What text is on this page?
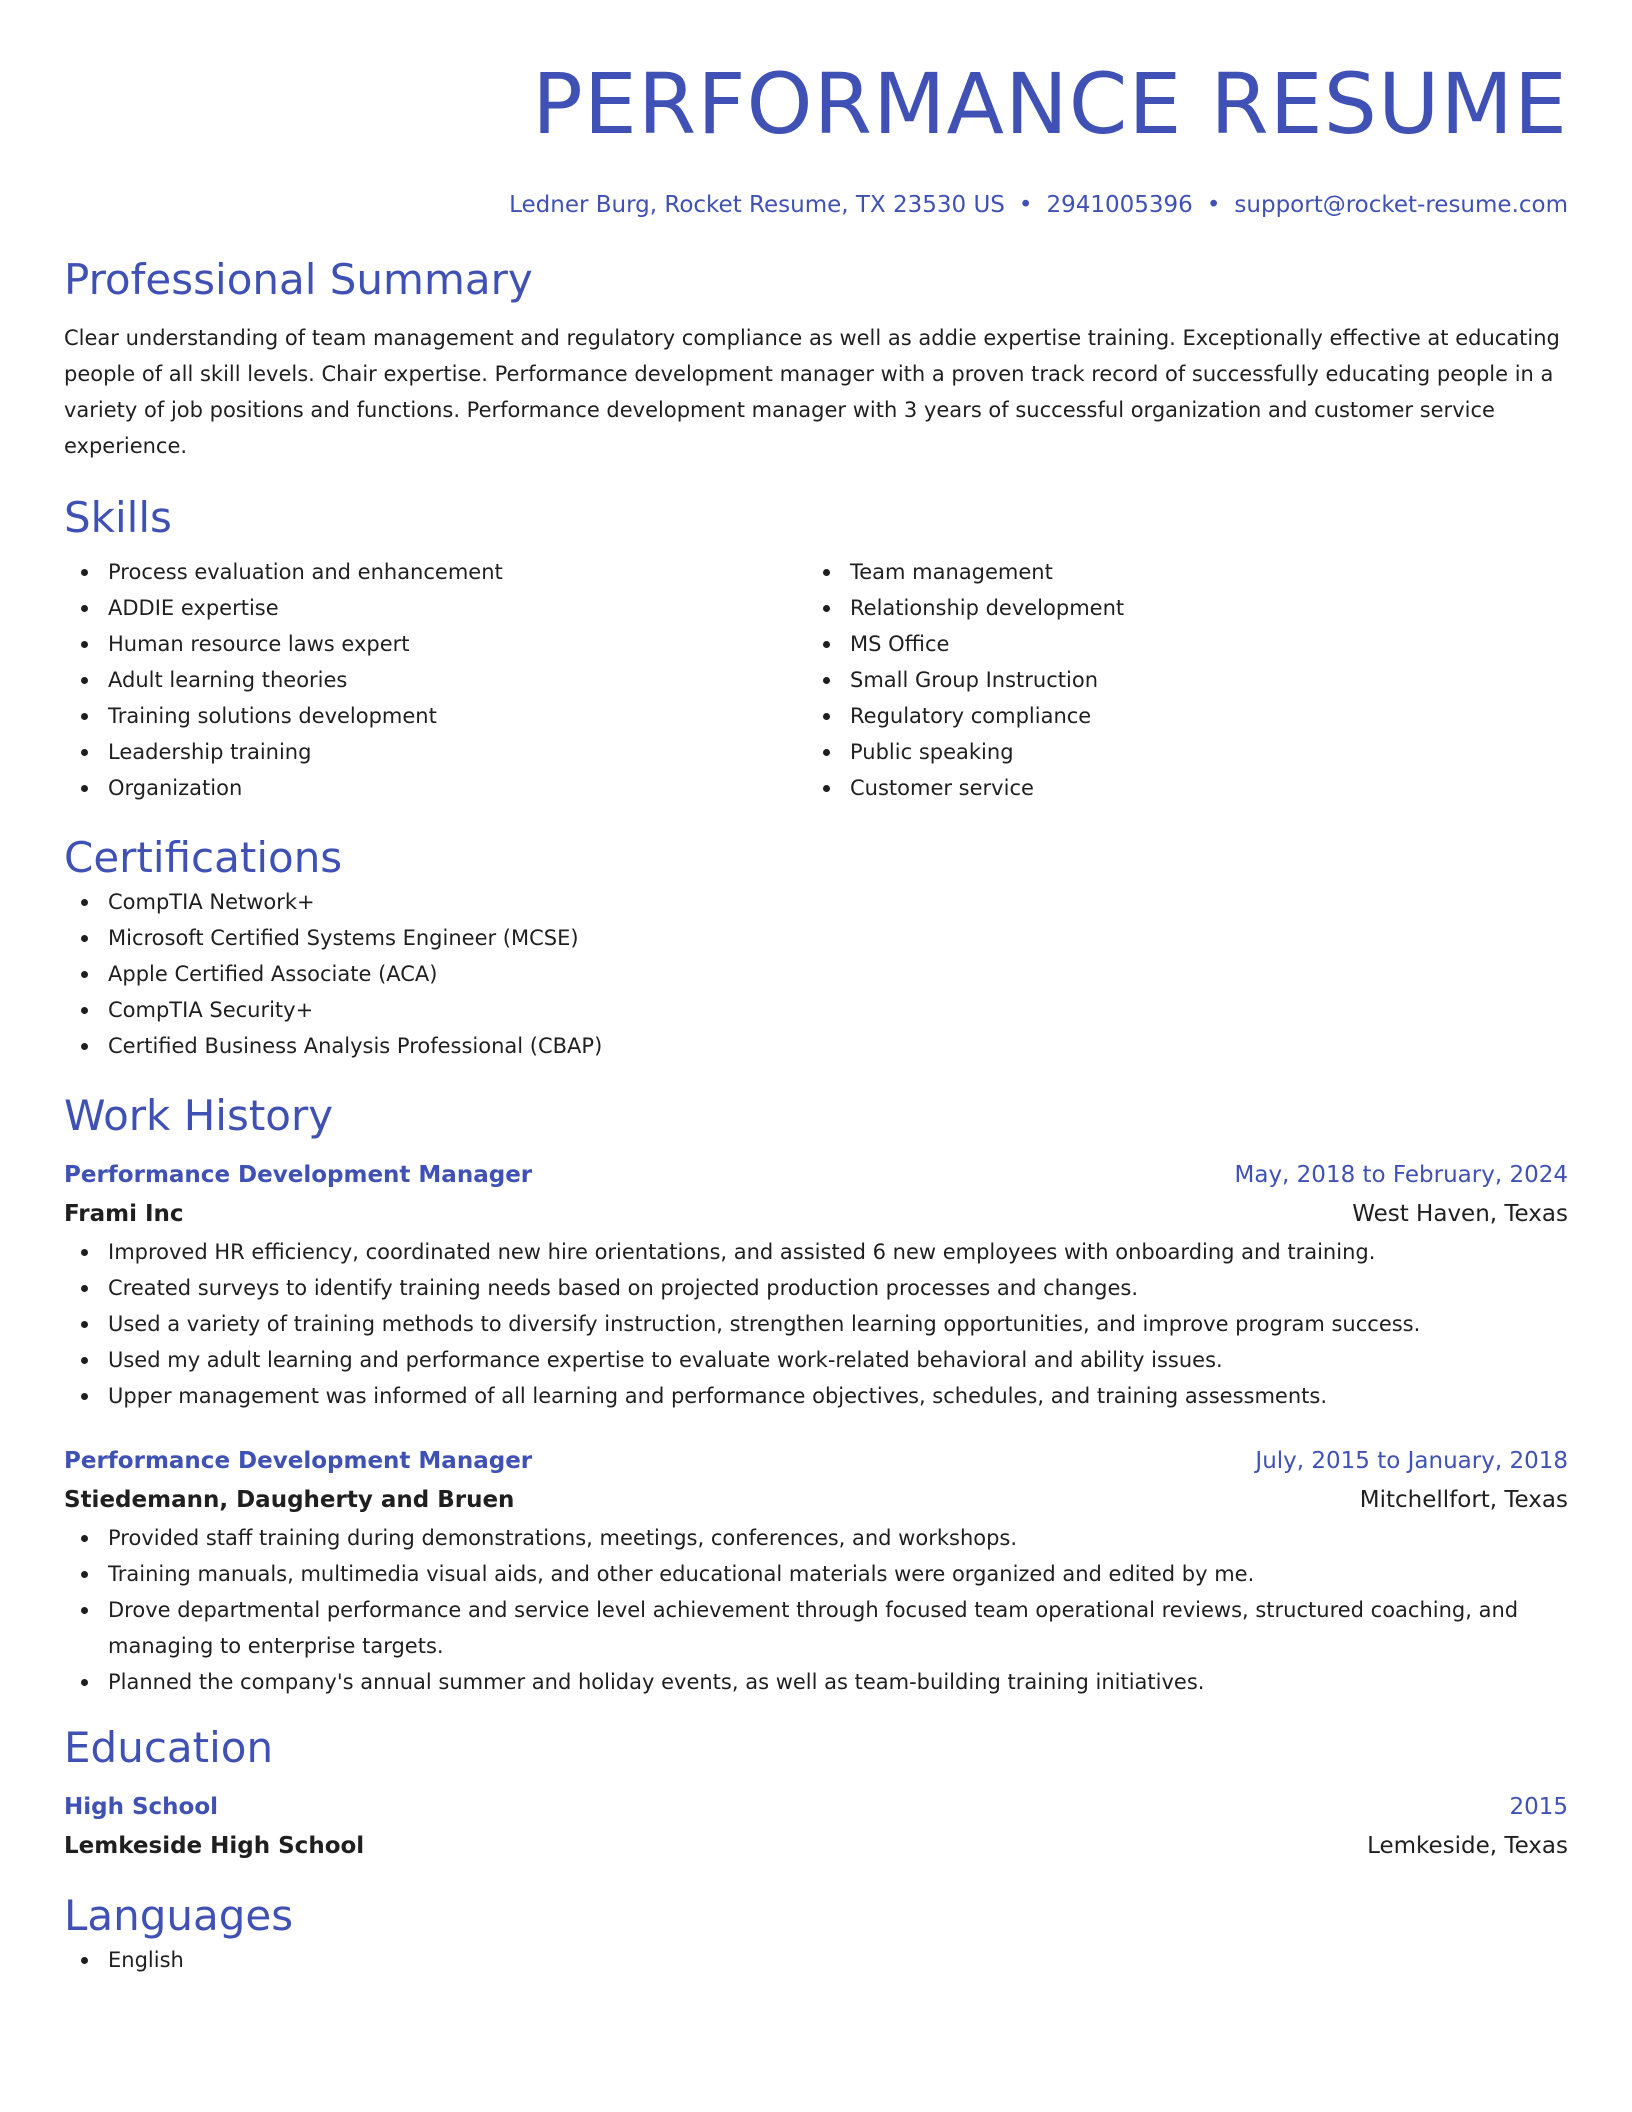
PERFORMANCE RESUME
Ledner Burg, Rocket Resume, TX 23530 US • 2941005396 • support@rocket-resume.com
Professional Summary
Clear understanding of team management and regulatory compliance as well as addie expertise training. Exceptionally effective at educating people of all skill levels. Chair expertise. Performance development manager with a proven track record of successfully educating people in a variety of job positions and functions. Performance development manager with 3 years of successful organization and customer service experience.
Skills
Process evaluation and enhancement
ADDIE expertise
Human resource laws expert
Adult learning theories
Training solutions development
Leadership training
Organization
Team management
Relationship development
MS Office
Small Group Instruction
Regulatory compliance
Public speaking
Customer service
Certifications
CompTIA Network+
Microsoft Certified Systems Engineer (MCSE)
Apple Certified Associate (ACA)
CompTIA Security+
Certified Business Analysis Professional (CBAP)
Work History
Performance Development Manager	May, 2018 to February, 2024
Frami Inc	West Haven, Texas
Improved HR efficiency, coordinated new hire orientations, and assisted 6 new employees with onboarding and training.
Created surveys to identify training needs based on projected production processes and changes.
Used a variety of training methods to diversify instruction, strengthen learning opportunities, and improve program success.
Used my adult learning and performance expertise to evaluate work-related behavioral and ability issues.
Upper management was informed of all learning and performance objectives, schedules, and training assessments.
Performance Development Manager	July, 2015 to January, 2018
Stiedemann, Daugherty and Bruen	Mitchellfort, Texas
Provided staff training during demonstrations, meetings, conferences, and workshops.
Training manuals, multimedia visual aids, and other educational materials were organized and edited by me.
Drove departmental performance and service level achievement through focused team operational reviews, structured coaching, and managing to enterprise targets.
Planned the company's annual summer and holiday events, as well as team-building training initiatives.
Education
High School	2015
Lemkeside High School	Lemkeside, Texas
Languages
English
